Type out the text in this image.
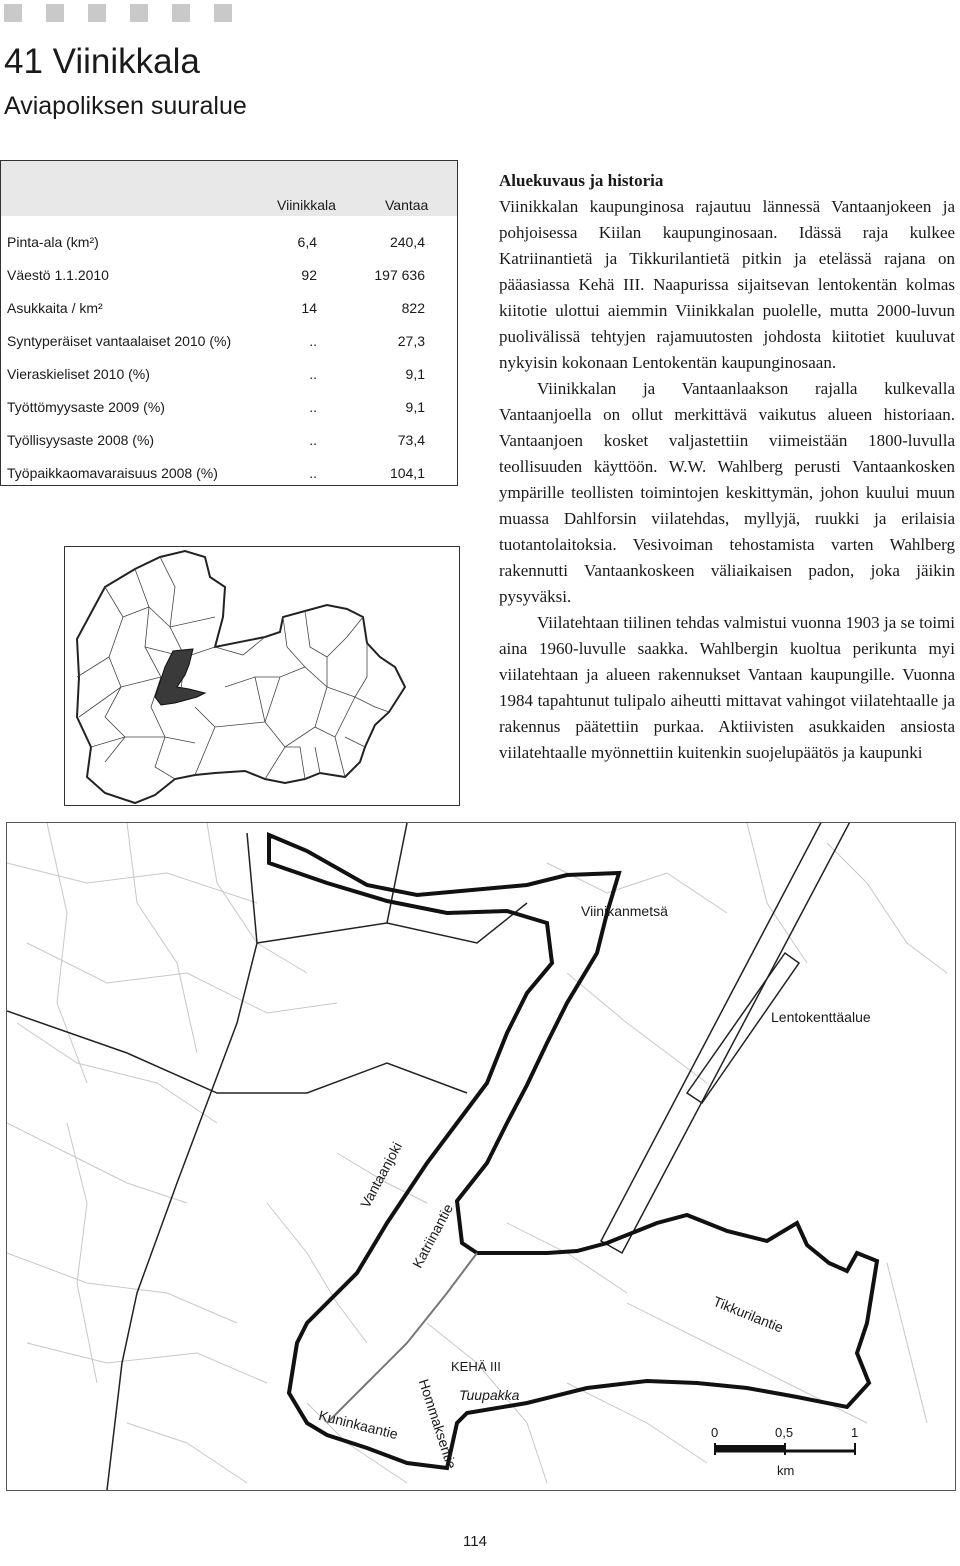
41 Viinikkala
Aviapoliksen suuralue
Viinikkala	Vantaa
Pinta-ala (km²)	6,4	240,4
Väestö 1.1.2010	92	197 636
Asukkaita / km²	14	822
Syntyperäiset vantaalaiset 2010 (%)	..	27,3
Vieraskieliset 2010 (%)	..	9,1
Työttömyysaste 2009 (%)	..	9,1
Työllisyysaste 2008 (%)	..	73,4
Työpaikkaomavaraisuus 2008 (%)	..	104,1

Aluekuvaus ja historia

Viinikkalan kaupunginosa rajautuu lännessä Vantaanjokeen ja pohjoisessa Kiilan kaupunginosaan. Idässä raja kulkee Katriinantietä ja Tikkurilantietä pitkin ja etelässä rajana on pääasiassa Kehä III. Naapurissa sijaitsevan lentokentän kolmas kiitotie ulottui aiemmin Viinikkalan puolelle, mutta 2000-luvun puolivälissä tehtyjen rajamuutosten johdosta kiitotiet kuuluvat nykyisin kokonaan Lentokentän kaupunginosaan.

Viinikkalan ja Vantaanlaakson rajalla kulkevalla Vantaanjoella on ollut merkittävä vaikutus alueen historiaan. Vantaanjoen kosket valjastettiin viimeistään 1800-luvulla teollisuuden käyttöön. W.W. Wahlberg perusti Vantaankosken ympärille teollisten toimintojen keskittymän, johon kuului muun muassa Dahlforsin viilatehdas, myllyjä, ruukki ja erilaisia tuotantolaitoksia. Vesivoiman tehostamista varten Wahlberg rakennutti Vantaankoskeen väliaikaisen padon, joka jäikin pysyväksi.

Viilatehtaan tiilinen tehdas valmistui vuonna 1903 ja se toimi aina 1960-luvulle saakka. Wahlbergin kuoltua perikunta myi viilatehtaan ja alueen rakennukset Vantaan kaupungille. Vuonna 1984 tapahtunut tulipalo aiheutti mittavat vahingot viilatehtaalle ja rakennus päätettiin purkaa. Aktiivisten asukkaiden ansiosta viilatehtaalle myönnettiin kuitenkin suojelupäätös ja kaupunki

Viinikanmetsä
Lentokenttäalue
Vantaanjoki
Katriinantie
Tikkurilantie
KEHÄ III
Tuupakka
Hommaksentie
Kuninkaantie	0	0,5	1
km
114
